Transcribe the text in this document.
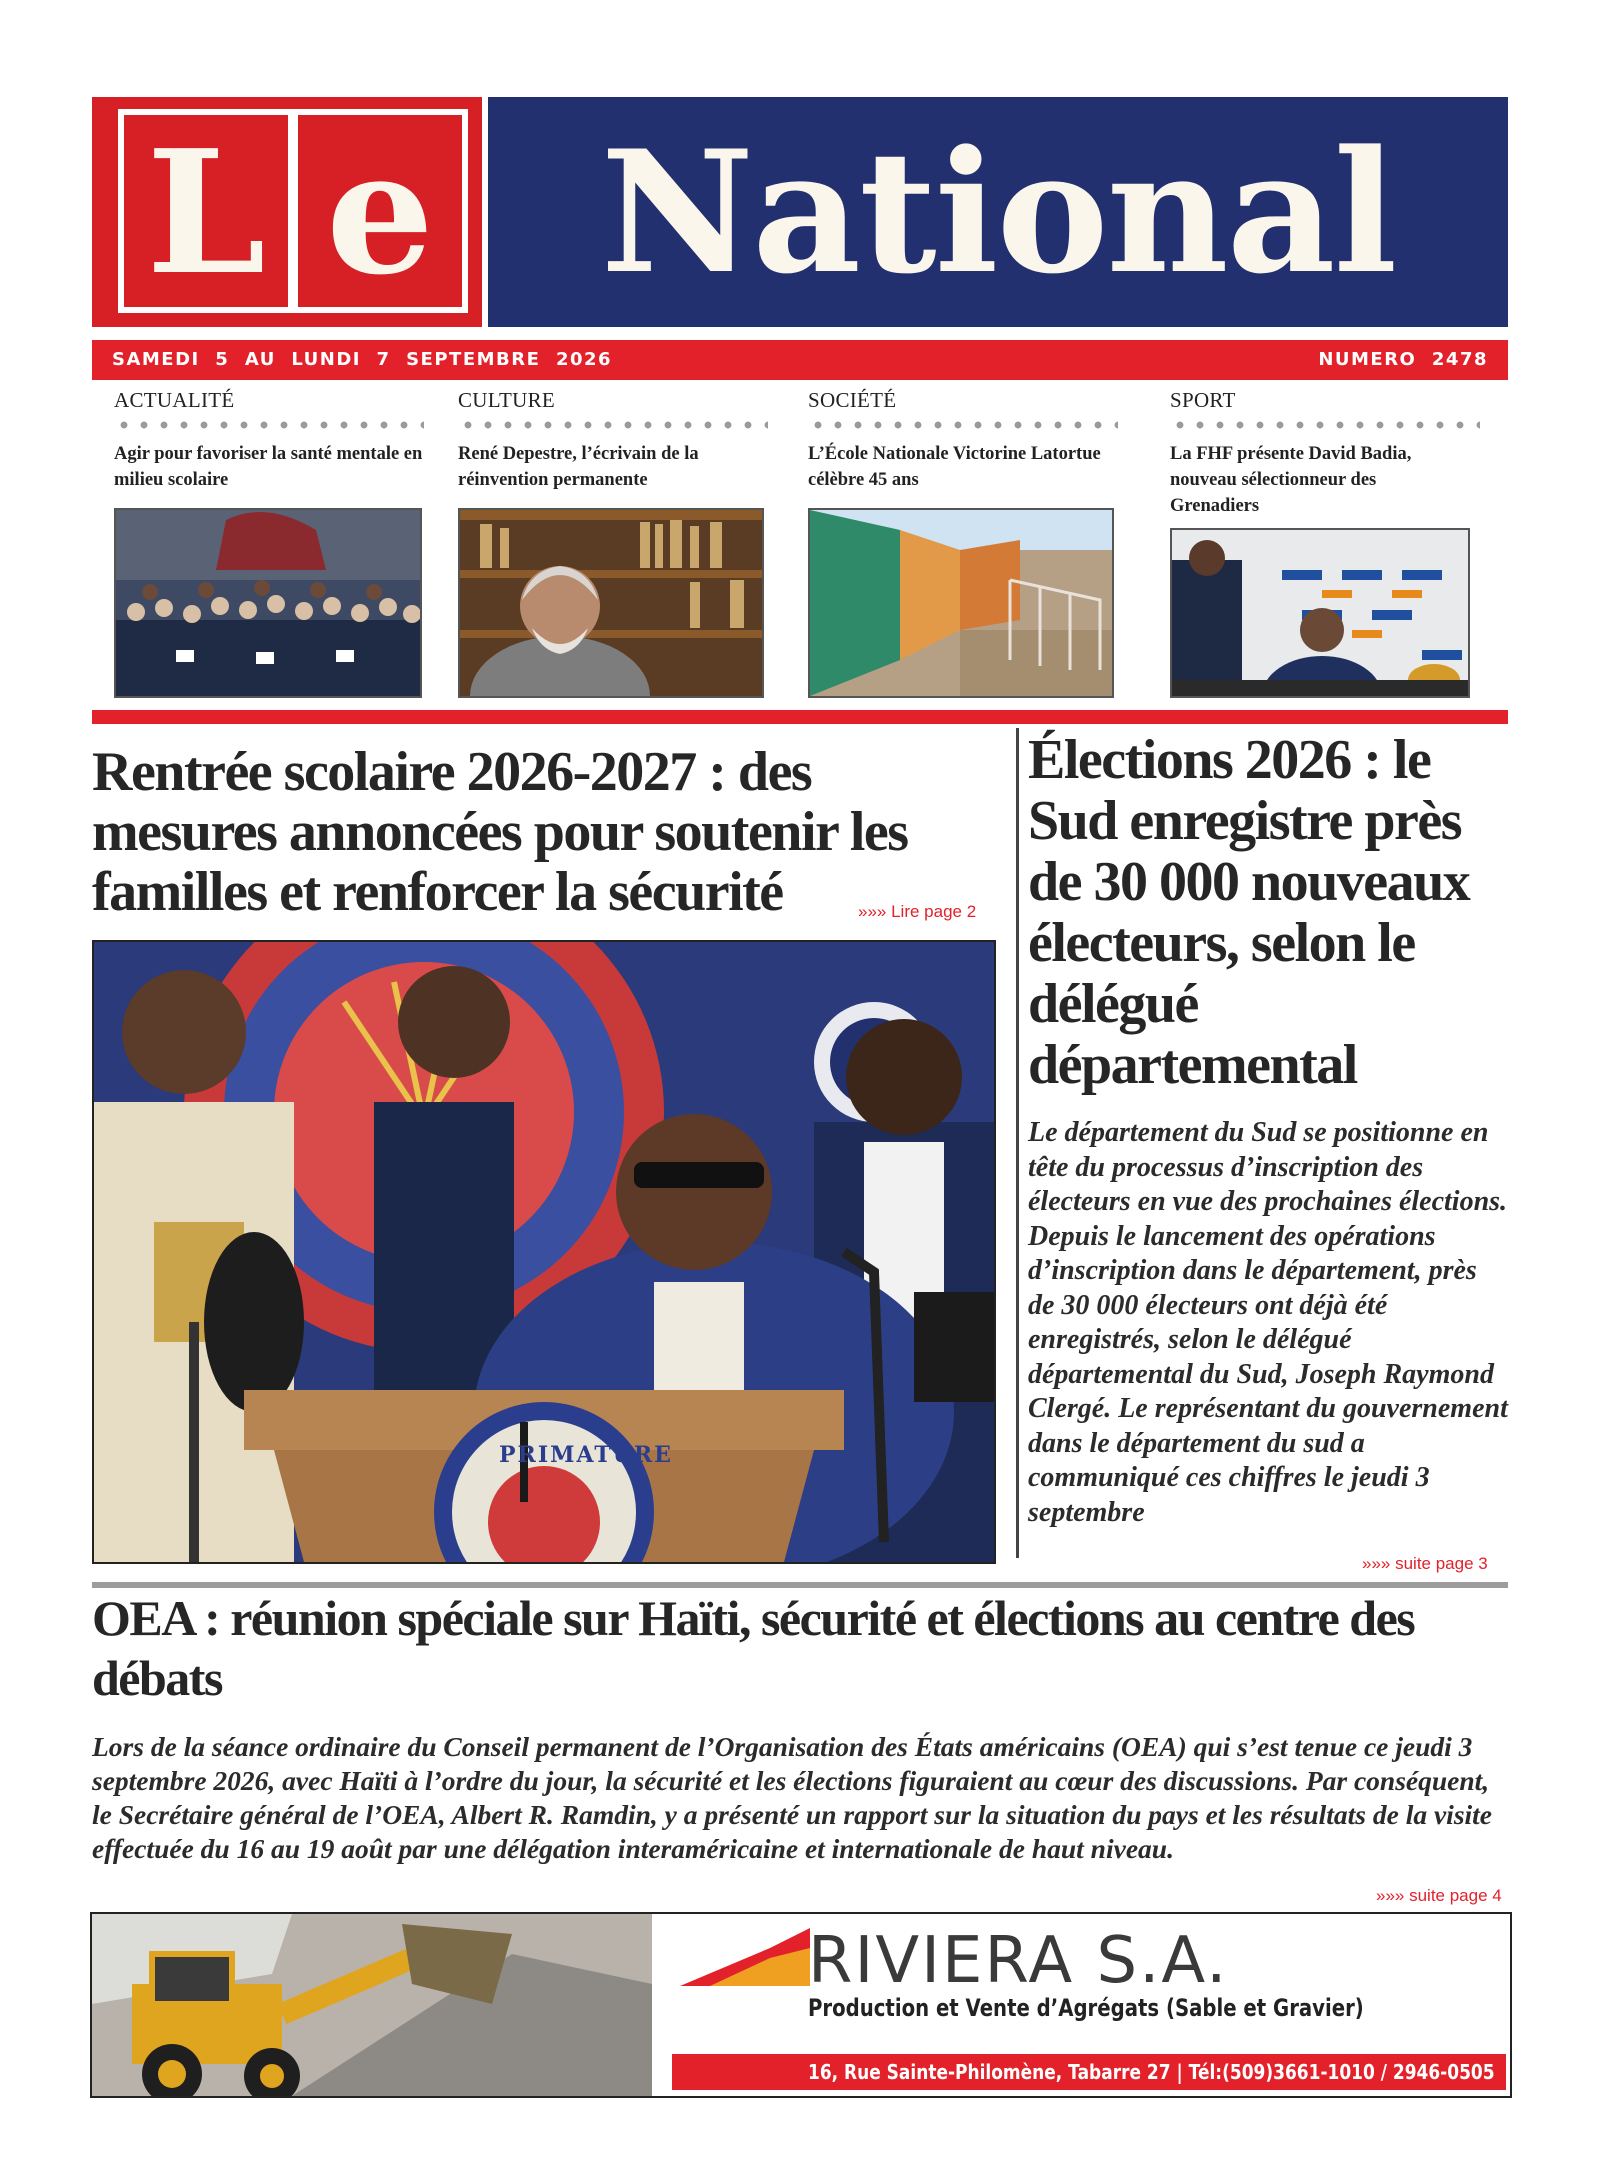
L e National
SAMEDI  5  AU  LUNDI  7  SEPTEMBRE  2026	NUMERO  2478
ACTUALITÉ
Agir pour favoriser la santé mentale en milieu scolaire
CULTURE
René Depestre, l’écrivain de la réinvention permanente
SOCIÉTÉ
L’École Nationale Victorine Latortue célèbre 45 ans
SPORT
La FHF présente David Badia, nouveau sélectionneur des Grenadiers
Rentrée scolaire 2026-2027 : des mesures annoncées pour soutenir les familles et renforcer la sécurité	»»» Lire page 2
PRIMATURE
Élections 2026 : le Sud enregistre près de 30 000 nouveaux électeurs, selon le délégué départemental
Le département du Sud se positionne en tête du processus d’inscription des électeurs en vue des prochaines élections. Depuis le lancement des opérations d’inscription dans le département, près de 30 000 électeurs ont déjà été enregistrés, selon le délégué départemental du Sud, Joseph Raymond Clergé. Le représentant du gouvernement dans le département du sud a communiqué ces chiffres le jeudi 3 septembre
»»» suite page 3
OEA : réunion spéciale sur Haïti, sécurité et élections au centre des débats
Lors de la séance ordinaire du Conseil permanent de l’Organisation des États américains (OEA) qui s’est tenue ce jeudi 3 septembre 2026, avec Haïti à l’ordre du jour, la sécurité et les élections figuraient au cœur des discussions. Par conséquent, le Secrétaire général de l’OEA, Albert R. Ramdin, y a présenté un rapport sur la situation du pays et les résultats de la visite effectuée du 16 au 19 août par une délégation interaméricaine et internationale de haut niveau.
»»» suite page 4
RIVIERA S.A.
Production et Vente d’Agrégats (Sable et Gravier)
16, Rue Sainte-Philomène, Tabarre 27 | Tél:(509)3661-1010 / 2946-0505
